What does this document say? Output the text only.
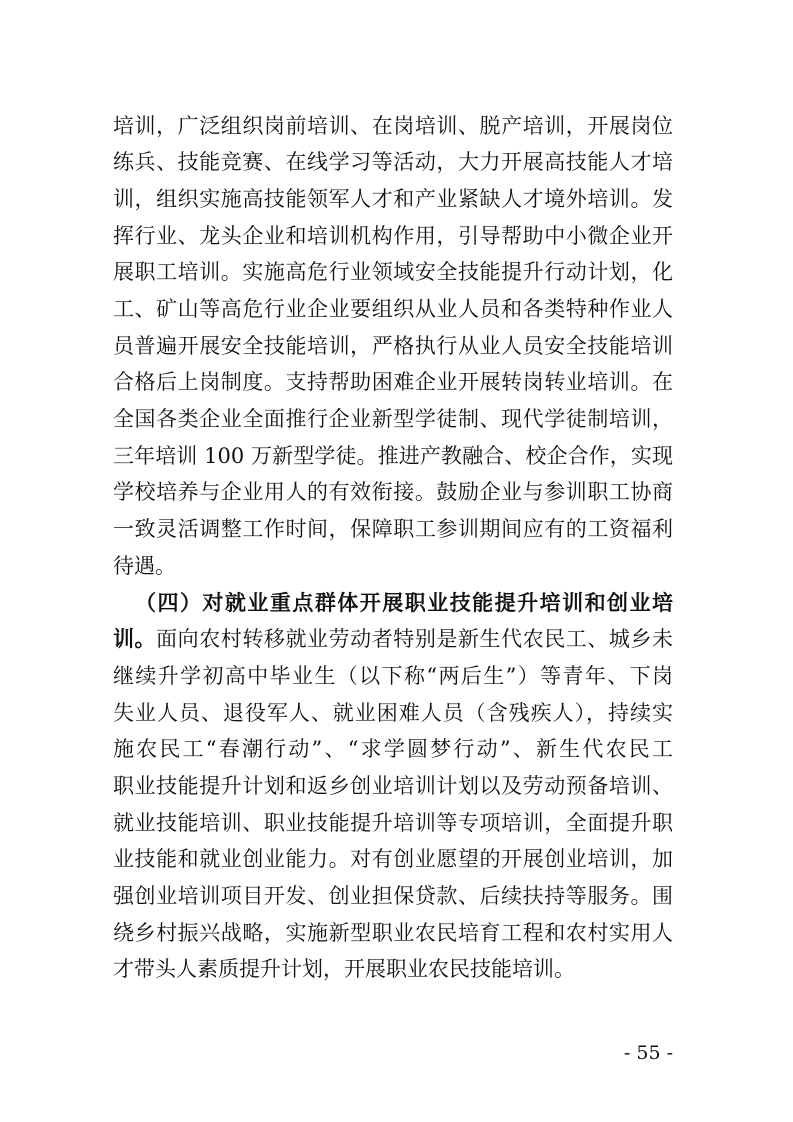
培训，广泛组织岗前培训、在岗培训、脱产培训，开展岗位
练兵、技能竞赛、在线学习等活动，大力开展高技能人才培
训，组织实施高技能领军人才和产业紧缺人才境外培训。发
挥行业、龙头企业和培训机构作用，引导帮助中小微企业开
展职工培训。实施高危行业领域安全技能提升行动计划，化
工、矿山等高危行业企业要组织从业人员和各类特种作业人
员普遍开展安全技能培训，严格执行从业人员安全技能培训
合格后上岗制度。支持帮助困难企业开展转岗转业培训。在
全国各类企业全面推行企业新型学徒制、现代学徒制培训，
三年培训 100 万新型学徒。推进产教融合、校企合作，实现
学校培养与企业用人的有效衔接。鼓励企业与参训职工协商
一致灵活调整工作时间，保障职工参训期间应有的工资福利
待遇。
（四）对就业重点群体开展职业技能提升培训和创业培
训。面向农村转移就业劳动者特别是新生代农民工、城乡未
继续升学初高中毕业生（以下称“两后生”）等青年、下岗
失业人员、退役军人、就业困难人员（含残疾人），持续实
施农民工“春潮行动”、“求学圆梦行动”、新生代农民工
职业技能提升计划和返乡创业培训计划以及劳动预备培训、
就业技能培训、职业技能提升培训等专项培训，全面提升职
业技能和就业创业能力。对有创业愿望的开展创业培训，加
强创业培训项目开发、创业担保贷款、后续扶持等服务。围
绕乡村振兴战略，实施新型职业农民培育工程和农村实用人
才带头人素质提升计划，开展职业农民技能培训。
- 55 -
